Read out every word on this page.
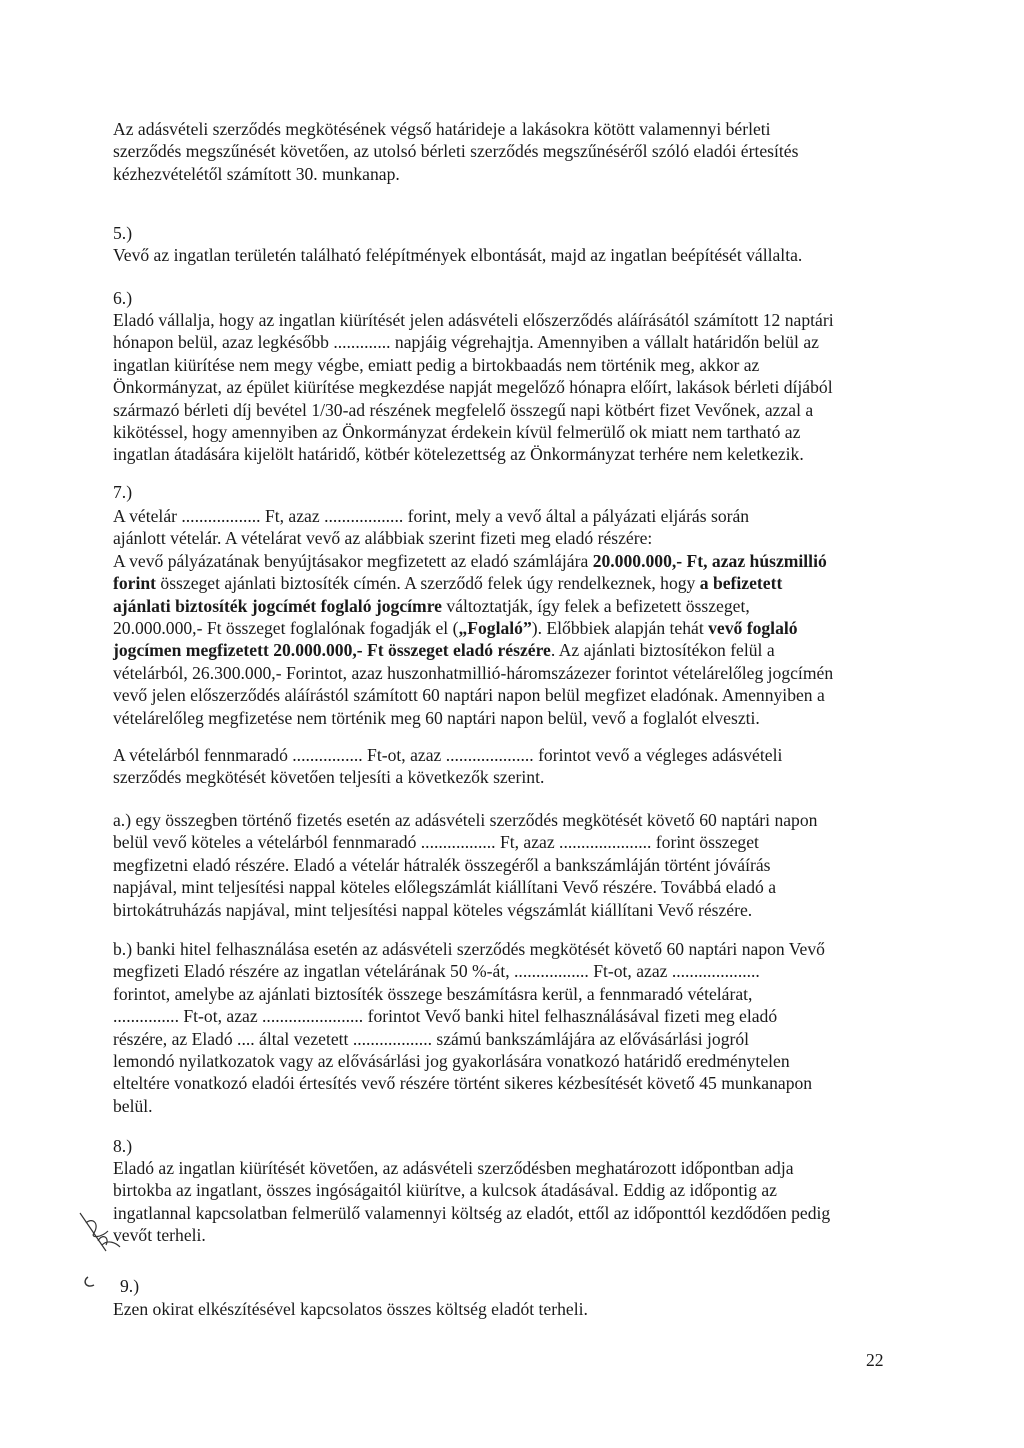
Az adásvételi szerződés megkötésének végső határideje a lakásokra kötött valamennyi bérleti
szerződés megszűnését követően, az utolsó bérleti szerződés megszűnéséről szóló eladói értesítés
kézhezvételétől számított 30. munkanap.
5.)
Vevő az ingatlan területén található felépítmények elbontását, majd az ingatlan beépítését vállalta.
6.)
Eladó vállalja, hogy az ingatlan kiürítését jelen adásvételi előszerződés aláírásától számított 12 naptári
hónapon belül, azaz legkésőbb ............. napjáig végrehajtja. Amennyiben a vállalt határidőn belül az
ingatlan kiürítése nem megy végbe, emiatt pedig a birtokbaadás nem történik meg, akkor az
Önkormányzat, az épület kiürítése megkezdése napját megelőző hónapra előírt, lakások bérleti díjából
származó bérleti díj bevétel 1/30-ad részének megfelelő összegű napi kötbért fizet Vevőnek, azzal a
kikötéssel, hogy amennyiben az Önkormányzat érdekein kívül felmerülő ok miatt nem tartható az
ingatlan átadására kijelölt határidő, kötbér kötelezettség az Önkormányzat terhére nem keletkezik.
7.)
A vételár .................. Ft, azaz .................. forint, mely a vevő által a pályázati eljárás során
ajánlott vételár. A vételárat vevő az alábbiak szerint fizeti meg eladó részére:
A vevő pályázatának benyújtásakor megfizetett az eladó számlájára 20.000.000,- Ft, azaz húszmillió
forint összeget ajánlati biztosíték címén. A szerződő felek úgy rendelkeznek, hogy a befizetett
ajánlati biztosíték jogcímét foglaló jogcímre változtatják, így felek a befizetett összeget,
20.000.000,- Ft összeget foglalónak fogadják el („Foglaló”). Előbbiek alapján tehát vevő foglaló
jogcímen megfizetett 20.000.000,- Ft összeget eladó részére. Az ajánlati biztosítékon felül a
vételárból, 26.300.000,- Forintot, azaz huszonhatmillió-háromszázezer forintot vételárelőleg jogcímén
vevő jelen előszerződés aláírástól számított 60 naptári napon belül megfizet eladónak. Amennyiben a
vételárelőleg megfizetése nem történik meg 60 naptári napon belül, vevő a foglalót elveszti.
A vételárból fennmaradó ................ Ft-ot, azaz .................... forintot vevő a végleges adásvételi
szerződés megkötését követően teljesíti a következők szerint.
a.) egy összegben történő fizetés esetén az adásvételi szerződés megkötését követő 60 naptári napon
belül vevő köteles a vételárból fennmaradó ................. Ft, azaz ..................... forint összeget
megfizetni eladó részére. Eladó a vételár hátralék összegéről a bankszámláján történt jóváírás
napjával, mint teljesítési nappal köteles előlegszámlát kiállítani Vevő részére. Továbbá eladó a
birtokátruházás napjával, mint teljesítési nappal köteles végszámlát kiállítani Vevő részére.
b.) banki hitel felhasználása esetén az adásvételi szerződés megkötését követő 60 naptári napon Vevő
megfizeti Eladó részére az ingatlan vételárának 50 %-át, ................. Ft-ot, azaz ....................
forintot, amelybe az ajánlati biztosíték összege beszámításra kerül, a fennmaradó vételárat,
............... Ft-ot, azaz ....................... forintot Vevő banki hitel felhasználásával fizeti meg eladó
részére, az Eladó .... által vezetett .................. számú bankszámlájára az elővásárlási jogról
lemondó nyilatkozatok vagy az elővásárlási jog gyakorlására vonatkozó határidő eredménytelen
elteltére vonatkozó eladói értesítés vevő részére történt sikeres kézbesítését követő 45 munkanapon
belül.
8.)
Eladó az ingatlan kiürítését követően, az adásvételi szerződésben meghatározott időpontban adja
birtokba az ingatlant, összes ingóságaitól kiürítve, a kulcsok átadásával. Eddig az időpontig az
ingatlannal kapcsolatban felmerülő valamennyi költség az eladót, ettől az időponttól kezdődően pedig
vevőt terheli.
9.)
Ezen okirat elkészítésével kapcsolatos összes költség eladót terheli.
22
